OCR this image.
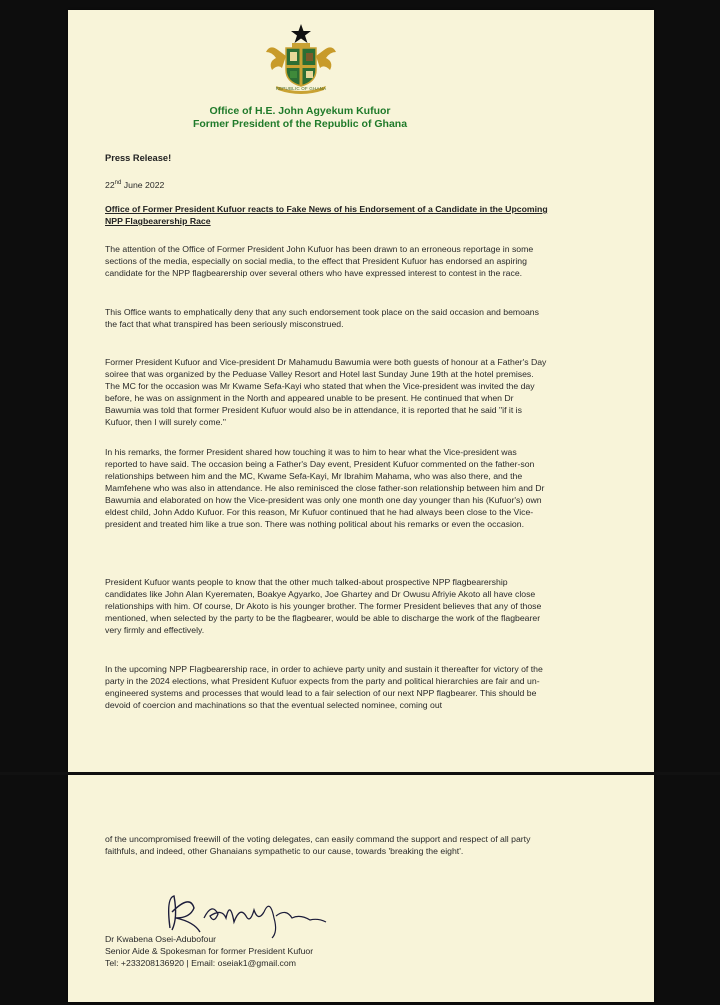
REPUBLIC OF GHANA
Office of H.E. John Agyekum Kufuor
Former President of the Republic of Ghana
Press Release!
22nd June 2022
Office of Former President Kufuor reacts to Fake News of his Endorsement of a Candidate in the Upcoming NPP Flagbearership Race
The attention of the Office of Former President John Kufuor has been drawn to an erroneous reportage in some sections of the media, especially on social media, to the effect that President Kufuor has endorsed an aspiring candidate for the NPP flagbearership over several others who have expressed interest to contest in the race.
This Office wants to emphatically deny that any such endorsement took place on the said occasion and bemoans the fact that what transpired has been seriously misconstrued.
Former President Kufuor and Vice-president Dr Mahamudu Bawumia were both guests of honour at a Father's Day soiree that was organized by the Peduase Valley Resort and Hotel last Sunday June 19th at the hotel premises. The MC for the occasion was Mr Kwame Sefa-Kayi who stated that when the Vice-president was invited the day before, he was on assignment in the North and appeared unable to be present. He continued that when Dr Bawumia was told that former President Kufuor would also be in attendance, it is reported that he said "if it is Kufuor, then I will surely come."
In his remarks, the former President shared how touching it was to him to hear what the Vice-president was reported to have said. The occasion being a Father's Day event, President Kufuor commented on the father-son relationships between him and the MC, Kwame Sefa-Kayi, Mr Ibrahim Mahama, who was also there, and the Mamfehene who was also in attendance. He also reminisced the close father-son relationship between him and Dr Bawumia and elaborated on how the Vice-president was only one month one day younger than his (Kufuor's) own eldest child, John Addo Kufuor. For this reason, Mr Kufuor continued that he had always been close to the Vice-president and treated him like a true son. There was nothing political about his remarks or even the occasion.
President Kufuor wants people to know that the other much talked-about prospective NPP flagbearership candidates like John Alan Kyerematen, Boakye Agyarko, Joe Ghartey and Dr Owusu Afriyie Akoto all have close relationships with him. Of course, Dr Akoto is his younger brother. The former President believes that any of those mentioned, when selected by the party to be the flagbearer, would be able to discharge the work of the flagbearer very firmly and effectively.
In the upcoming NPP Flagbearership race, in order to achieve party unity and sustain it thereafter for victory of the party in the 2024 elections, what President Kufuor expects from the party and political hierarchies are fair and un-engineered systems and processes that would lead to a fair selection of our next NPP flagbearer. This should be devoid of coercion and machinations so that the eventual selected nominee, coming out
of the uncompromised freewill of the voting delegates, can easily command the support and respect of all party faithfuls, and indeed, other Ghanaians sympathetic to our cause, towards 'breaking the eight'.
Dr Kwabena Osei-Adubofour
Senior Aide & Spokesman for former President Kufuor
Tel: +233208136920 | Email: oseiak1@gmail.com
